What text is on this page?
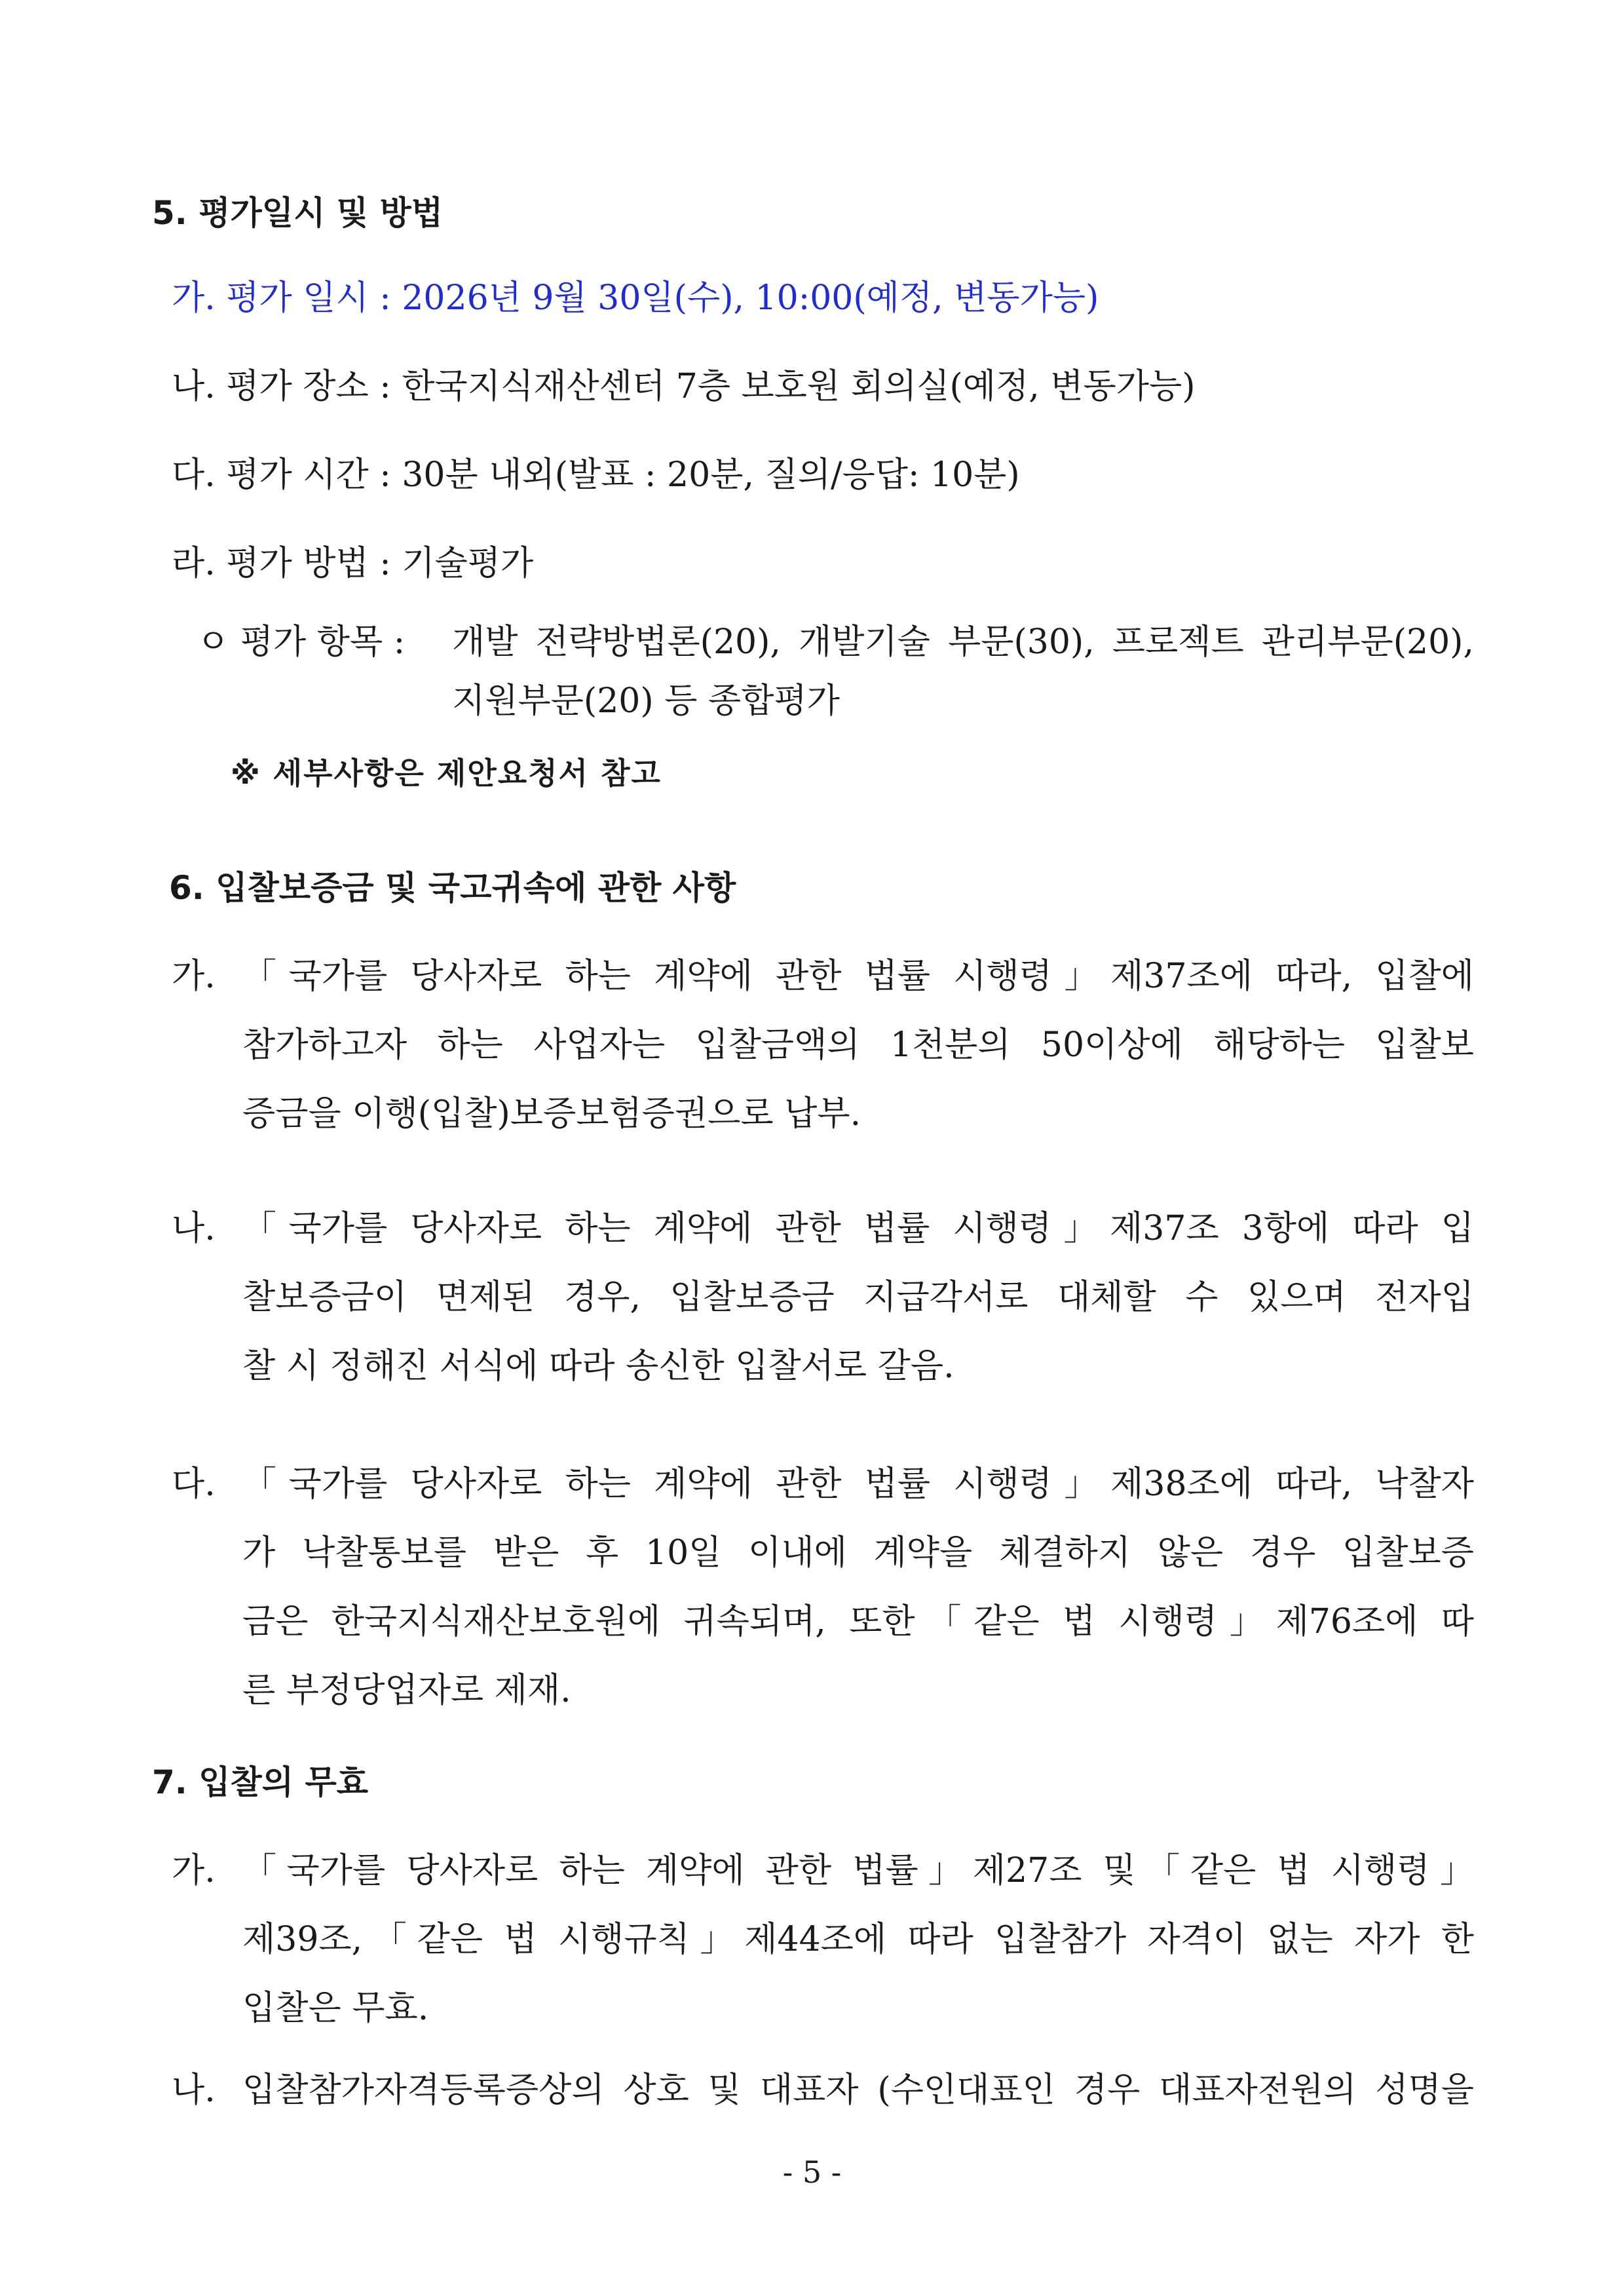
5. 평가일시 및 방법
가. 평가 일시 : 2026년 9월 30일(수), 10:00(예정, 변동가능)
나. 평가 장소 : 한국지식재산센터 7층 보호원 회의실(예정, 변동가능)
다. 평가 시간 : 30분 내외(발표 : 20분, 질의/응답: 10분)
라. 평가 방법 : 기술평가
ㅇ 평가 항목 : 개발 전략방법론(20), 개발기술 부문(30), 프로젝트 관리부문(20),
지원부문(20) 등 종합평가
※ 세부사항은 제안요청서 참고
6. 입찰보증금 및 국고귀속에 관한 사항
가. 「국가를 당사자로 하는 계약에 관한 법률 시행령」제37조에 따라, 입찰에
참가하고자 하는 사업자는 입찰금액의 1천분의 50이상에 해당하는 입찰보
증금을 이행(입찰)보증보험증권으로 납부.
나. 「국가를 당사자로 하는 계약에 관한 법률 시행령」제37조 3항에 따라 입
찰보증금이 면제된 경우, 입찰보증금 지급각서로 대체할 수 있으며 전자입
찰 시 정해진 서식에 따라 송신한 입찰서로 갈음.
다. 「국가를 당사자로 하는 계약에 관한 법률 시행령」제38조에 따라, 낙찰자
가 낙찰통보를 받은 후 10일 이내에 계약을 체결하지 않은 경우 입찰보증
금은 한국지식재산보호원에 귀속되며, 또한「같은 법 시행령」제76조에 따
른 부정당업자로 제재.
7. 입찰의 무효
가. 「국가를 당사자로 하는 계약에 관한 법률」제27조 및「같은 법 시행령」
제39조,「같은 법 시행규칙」제44조에 따라 입찰참가 자격이 없는 자가 한
입찰은 무효.
나. 입찰참가자격등록증상의 상호 및 대표자 (수인대표인 경우 대표자전원의 성명을
- 5 -
